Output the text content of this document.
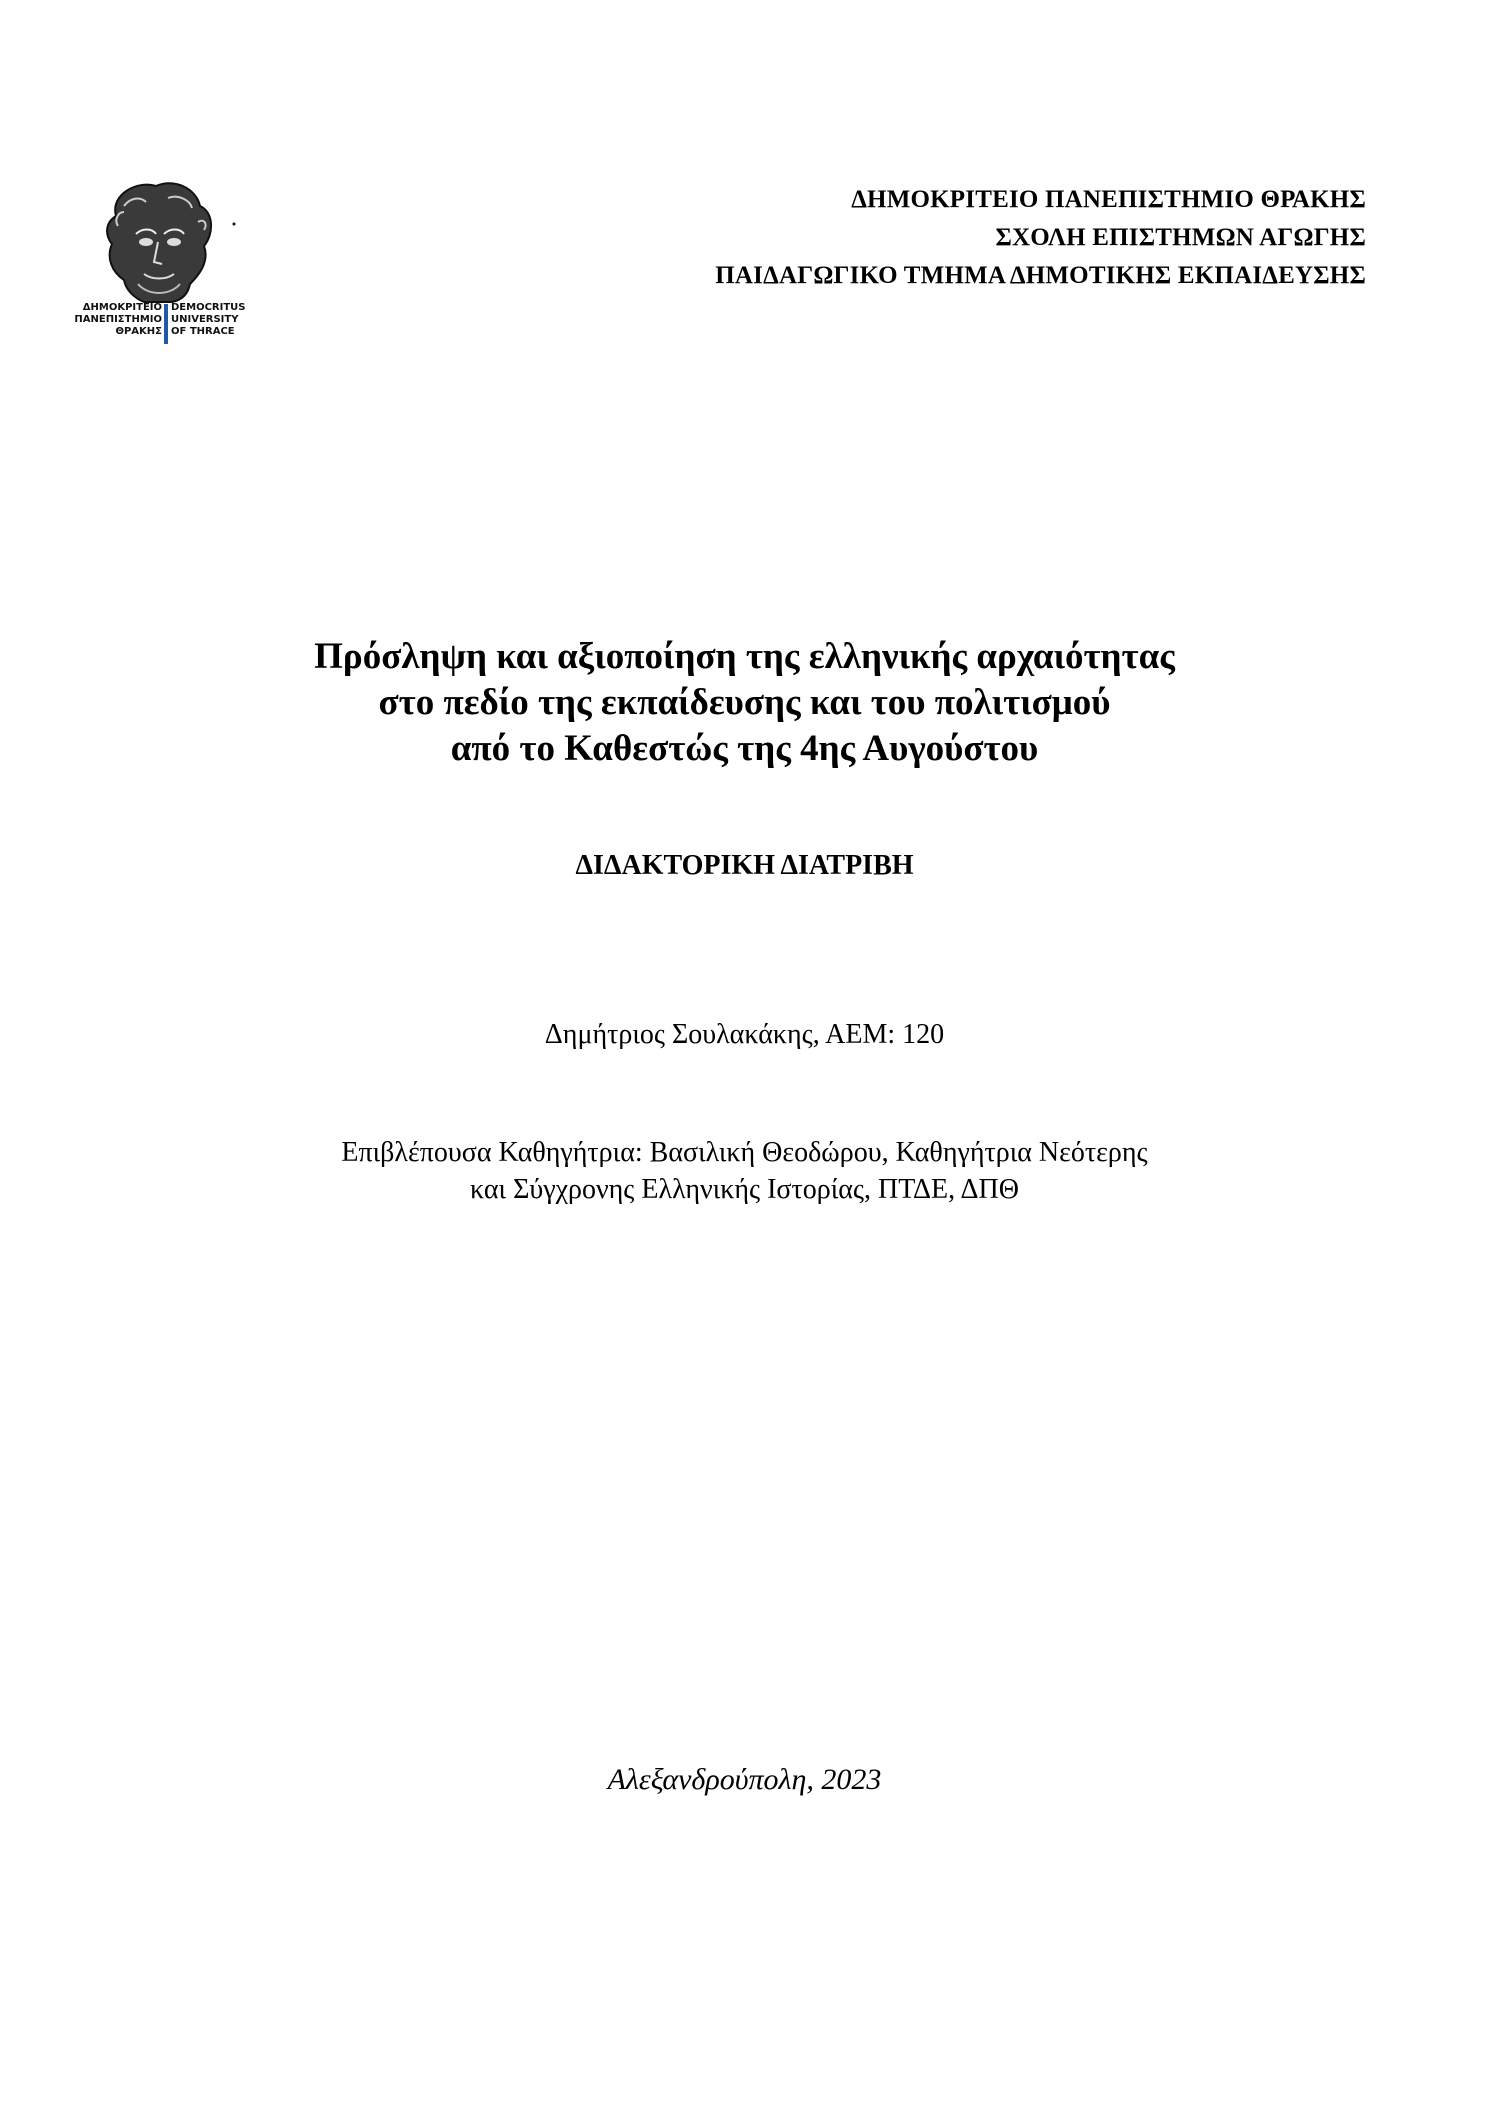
ΔΗΜΟΚΡΙΤΕΙΟ
ΠΑΝΕΠΙΣΤΗΜΙΟ
ΘΡΑΚΗΣ
DEMOCRITUS
UNIVERSITY
OF THRACE
ΔΗΜΟΚΡΙΤΕΙΟ ΠΑΝΕΠΙΣΤΗΜΙΟ ΘΡΑΚΗΣ
ΣΧΟΛΗ ΕΠΙΣΤΗΜΩΝ ΑΓΩΓΗΣ
ΠΑΙΔΑΓΩΓΙΚΟ ΤΜΗΜΑ ΔΗΜΟΤΙΚΗΣ ΕΚΠΑΙΔΕΥΣΗΣ
Πρόσληψη και αξιοποίηση της ελληνικής αρχαιότητας
στο πεδίο της εκπαίδευσης και του πολιτισμού
από το Καθεστώς της 4ης Αυγούστου
ΔΙΔΑΚΤΟΡΙΚΗ ΔΙΑΤΡΙΒΗ
Δημήτριος Σουλακάκης, ΑΕΜ: 120
Επιβλέπουσα Καθηγήτρια: Βασιλική Θεοδώρου, Καθηγήτρια Νεότερης
και Σύγχρονης Ελληνικής Ιστορίας, ΠΤΔΕ, ΔΠΘ
Αλεξανδρούπολη, 2023
